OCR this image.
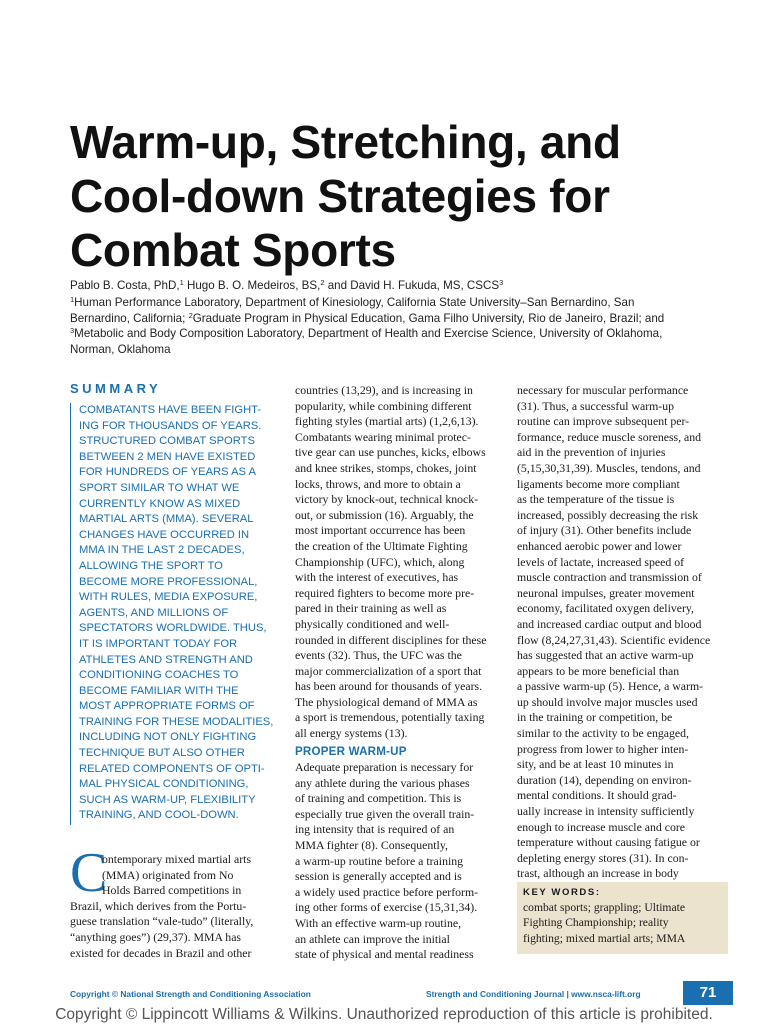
Warm-up, Stretching, and
Cool-down Strategies for
Combat Sports
Pablo B. Costa, PhD,$^1$ Hugo B. O. Medeiros, BS,$^2$ and David H. Fukuda, MS, CSCS$^3$
$^1$Human Performance Laboratory, Department of Kinesiology, California State University–San Bernardino, San
Bernardino, California; $^2$Graduate Program in Physical Education, Gama Filho University, Rio de Janeiro, Brazil; and
$^3$Metabolic and Body Composition Laboratory, Department of Health and Exercise Science, University of Oklahoma,
Norman, Oklahoma
SUMMARY
COMBATANTS HAVE BEEN FIGHT-
ING FOR THOUSANDS OF YEARS.
STRUCTURED COMBAT SPORTS
BETWEEN 2 MEN HAVE EXISTED
FOR HUNDREDS OF YEARS AS A
SPORT SIMILAR TO WHAT WE
CURRENTLY KNOW AS MIXED
MARTIAL ARTS (MMA). SEVERAL
CHANGES HAVE OCCURRED IN
MMA IN THE LAST 2 DECADES,
ALLOWING THE SPORT TO
BECOME MORE PROFESSIONAL,
WITH RULES, MEDIA EXPOSURE,
AGENTS, AND MILLIONS OF
SPECTATORS WORLDWIDE. THUS,
IT IS IMPORTANT TODAY FOR
ATHLETES AND STRENGTH AND
CONDITIONING COACHES TO
BECOME FAMILIAR WITH THE
MOST APPROPRIATE FORMS OF
TRAINING FOR THESE MODALITIES,
INCLUDING NOT ONLY FIGHTING
TECHNIQUE BUT ALSO OTHER
RELATED COMPONENTS OF OPTI-
MAL PHYSICAL CONDITIONING,
SUCH AS WARM-UP, FLEXIBILITY
TRAINING, AND COOL-DOWN.
C
ontemporary mixed martial arts
(MMA) originated from No
Holds Barred competitions in
Brazil, which derives from the Portu-
guese translation “vale-tudo” (literally,
“anything goes”) (29,37). MMA has
existed for decades in Brazil and other
countries (13,29), and is increasing in
popularity, while combining different
fighting styles (martial arts) (1,2,6,13).
Combatants wearing minimal protec-
tive gear can use punches, kicks, elbows
and knee strikes, stomps, chokes, joint
locks, throws, and more to obtain a
victory by knock-out, technical knock-
out, or submission (16). Arguably, the
most important occurrence has been
the creation of the Ultimate Fighting
Championship (UFC), which, along
with the interest of executives, has
required fighters to become more pre-
pared in their training as well as
physically conditioned and well-
rounded in different disciplines for these
events (32). Thus, the UFC was the
major commercialization of a sport that
has been around for thousands of years.
The physiological demand of MMA as
a sport is tremendous, potentially taxing
all energy systems (13).
PROPER WARM-UP
Adequate preparation is necessary for
any athlete during the various phases
of training and competition. This is
especially true given the overall train-
ing intensity that is required of an
MMA fighter (8). Consequently,
a warm-up routine before a training
session is generally accepted and is
a widely used practice before perform-
ing other forms of exercise (15,31,34).
With an effective warm-up routine,
an athlete can improve the initial
state of physical and mental readiness
necessary for muscular performance
(31). Thus, a successful warm-up
routine can improve subsequent per-
formance, reduce muscle soreness, and
aid in the prevention of injuries
(5,15,30,31,39). Muscles, tendons, and
ligaments become more compliant
as the temperature of the tissue is
increased, possibly decreasing the risk
of injury (31). Other benefits include
enhanced aerobic power and lower
levels of lactate, increased speed of
muscle contraction and transmission of
neuronal impulses, greater movement
economy, facilitated oxygen delivery,
and increased cardiac output and blood
flow (8,24,27,31,43). Scientific evidence
has suggested that an active warm-up
appears to be more beneficial than
a passive warm-up (5). Hence, a warm-
up should involve major muscles used
in the training or competition, be
similar to the activity to be engaged,
progress from lower to higher inten-
sity, and be at least 10 minutes in
duration (14), depending on environ-
mental conditions. It should grad-
ually increase in intensity sufficiently
enough to increase muscle and core
temperature without causing fatigue or
depleting energy stores (31). In con-
trast, although an increase in body
KEY WORDS:
combat sports; grappling; Ultimate
Fighting Championship; reality
fighting; mixed martial arts; MMA
Copyright © National Strength and Conditioning Association	Strength and Conditioning Journal | www.nsca-lift.org	71
Copyright © Lippincott Williams & Wilkins. Unauthorized reproduction of this article is prohibited.
